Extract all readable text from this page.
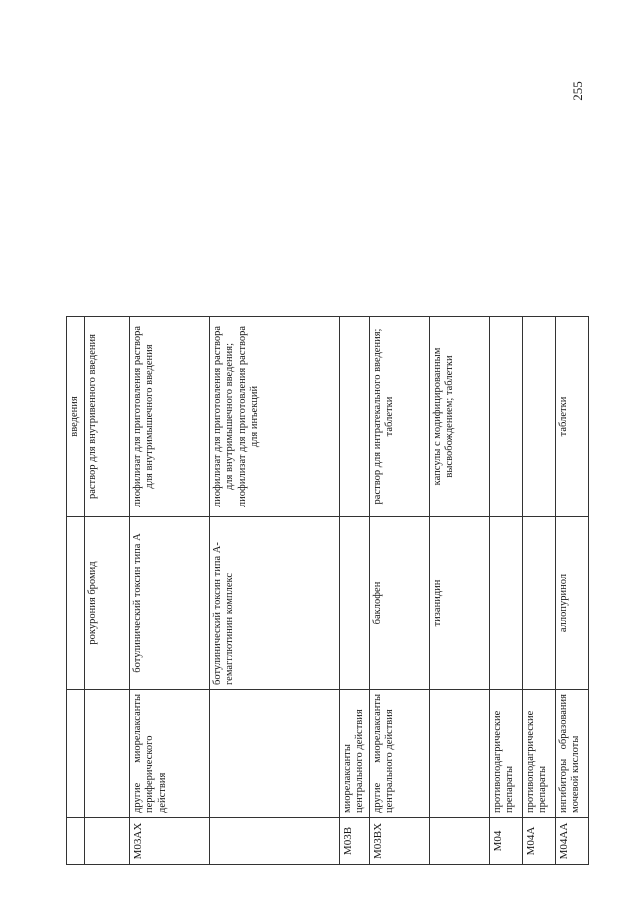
255
			введения
		рокурония бромид	раствор для внутривенного введения
M03AX	другие миорелаксанты периферического действия	ботулинический токсин типа А	лиофилизат для приготовления раствора для внутримышечного введения
		ботулинический токсин типа А-гемагглютинин комплекс	лиофилизат для приготовления раствора для внутримышечного введения; лиофилизат для приготовления раствора для инъекций
M03B	миорелаксанты центрального действия		
M03BX	другие миорелаксанты центрального действия	баклофен	раствор для интратекального введения; таблетки
		тизанидин	капсулы с модифицированным высвобождением; таблетки
M04	противоподагрические препараты		
M04A	противоподагрические препараты		
M04AA	ингибиторы образования мочевой кислоты	аллопуринол	таблетки
